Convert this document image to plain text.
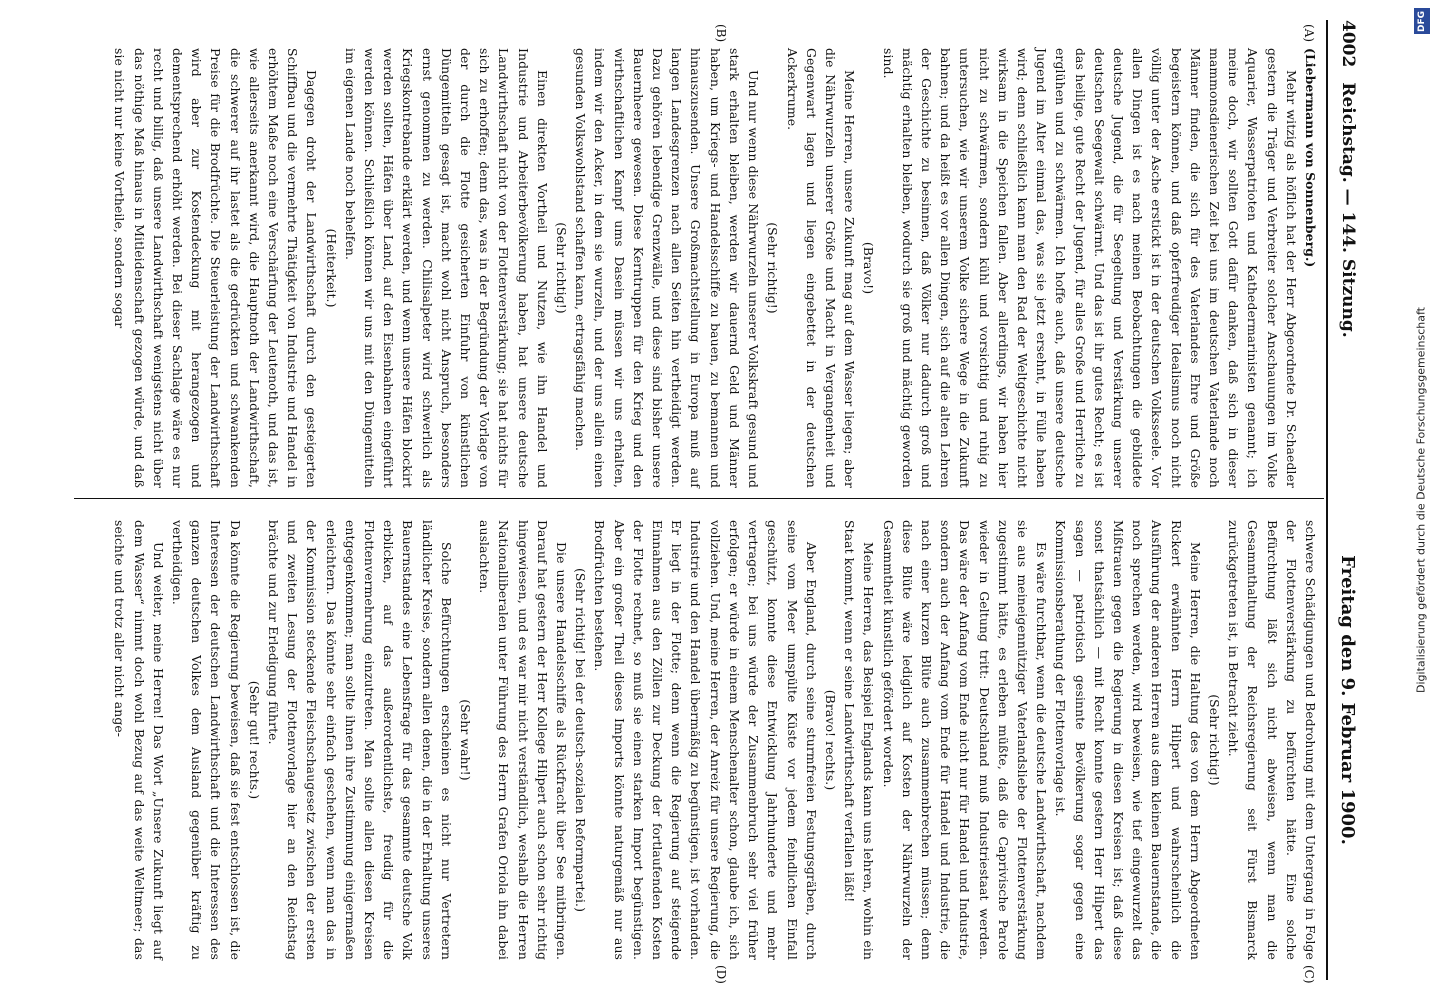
4002
Reichstag. — 144. Sitzung.
Freitag den 9. Februar 1900.
(A)
(B)
(C)
(D)

(Liebermann von Sonnenberg.)

Mehr witzig als höflich hat der Herr Abgeordnete Dr. Schaedler gestern die Träger und Verbreiter solcher Anschauungen im Volke Aquarier, Wasserpatrioten und Kathedermarinisten genannt; ich meine doch, wir sollten Gott dafür danken, daß sich in dieser mammonsdienerischen Zeit bei uns im deutschen Vaterlande noch Männer finden, die sich für des Vaterlandes Ehre und Größe begeistern können, und daß opferfreudiger Idealismus noch nicht völlig unter der Asche erstickt ist in der deutschen Volksseele. Vor allen Dingen ist es nach meinen Beobachtungen die gebildete deutsche Jugend, die für Seegeltung und Verstärkung unserer deutschen Seegewalt schwärmt. Und das ist ihr gutes Recht; es ist das heilige, gute Recht der Jugend, für alles Große und Herrliche zu erglühen und zu schwärmen. Ich hoffe auch, daß unsere deutsche Jugend im Alter einmal das, was sie jetzt ersehnt, in Fülle haben wird; denn schließlich kann man den Rad der Weltgeschichte nicht wirksam in die Speichen fallen. Aber allerdings, wir haben hier nicht zu schwärmen, sondern kühl und vorsichtig und ruhig zu untersuchen, wie wir unserem Volke sichere Wege in die Zukunft bahnen; und da heißt es vor allen Dingen, sich auf die alten Lehren der Geschichte zu besinnen, daß Völker nur dadurch groß und mächtig erhalten bleiben, wodurch sie groß und mächtig geworden sind.

(Bravo!)

Meine Herren, unsere Zukunft mag auf dem Wasser liegen; aber die Nährwurzeln unserer Größe und Macht in Vergangenheit und Gegenwart lagen und liegen eingebettet in der deutschen Ackerkrume.

(Sehr richtig!)

Und nur wenn diese Nährwurzeln unserer Volkskraft gesund und stark erhalten bleiben, werden wir dauernd Geld und Männer haben, um Kriegs- und Handelsschiffe zu bauen, zu bemannen und hinauszusenden. Unsere Großmachtstellung in Europa muß auf langen Landesgrenzen nach allen Seiten hin vertheidigt werden. Dazu gehören lebendige Grenzwälle, und diese sind bisher unsere Bauernheere gewesen. Diese Kerntruppen für den Krieg und den wirthschaftlichen Kampf ums Dasein müssen wir uns erhalten, indem wir den Acker, in dem sie wurzeln, und der uns allein einen gesunden Volkswohlstand schaffen kann, ertragsfähig machen.

(Sehr richtig!)

Einen direkten Vortheil und Nutzen, wie ihn Handel und Industrie und Arbeiterbevölkerung haben, hat unsere deutsche Landwirthschaft nicht von der Flottenverstärkung; sie hat nichts für sich zu erhoffen; denn das, was in der Begründung der Vorlage von der durch die Flotte gesicherten Einfuhr von künstlichen Düngemitteln gesagt ist, macht wohl nicht Anspruch, besonders ernst genommen zu werden. Chilisalpeter wird schwerlich als Kriegskontrebande erklärt werden, und wenn unsere Häfen blockirt werden sollten, Häfen über Land, auf den Eisenbahnen eingeführt werden können. Schließlich können wir uns mit den Düngemitteln im eigenen Lande noch behelfen.

(Heiterkeit.)

Dagegen droht der Landwirthschaft durch den gesteigerten Schiffbau und die vermehrte Thätigkeit von Industrie und Handel in erhöhtem Maße noch eine Verschärfung der Leutenoth, und das ist, wie allerseits anerkannt wird, die Hauptnoth der Landwirthschaft, die schwerer auf ihr lastet als die gedrückten und schwankenden Preise für die Brodfrüchte. Die Steuerleistung der Landwirthschaft wird aber zur Kostendeckung mit herangezogen und dementsprechend erhöht werden. Bei dieser Sachlage wäre es nur recht und billig, daß unsere Landwirthschaft wenigstens nicht über das nöthige Maß hinaus in Mitleidenschaft gezogen würde, und daß sie nicht nur keine Vortheile, sondern sogar

schwere Schädigungen und Bedrohung mit dem Untergang in Folge der Flottenverstärkung zu befürchten hätte. Eine solche Befürchtung läßt sich nicht abweisen, wenn man die Gesammthaltung der Reichsregierung seit Fürst Bismarck zurückgetreten ist, in Betracht zieht.

(Sehr richtig!)

Meine Herren, die Haltung des von dem Herrn Abgeordneten Rickert erwähnten Herrn Hilpert und wahrscheinlich die Ausführung der anderen Herren aus dem kleinen Bauernstande, die noch sprechen werden, wird beweisen, wie tief eingewurzelt das Mißtrauen gegen die Regierung in diesen Kreisen ist; daß diese sonst thatsächlich — mit Recht konnte gestern Herr Hilpert das sagen — patriotisch gesinnte Bevölkerung sogar gegen eine Kommissionsberathung der Flottenvorlage ist.

Es wäre furchtbar, wenn die deutsche Landwirthschaft, nachdem sie aus meineigennütziger Vaterlandsliebe der Flottenverstärkung zugestimmt hätte, es erleben müßte, daß die Caprivische Parole wieder in Geltung tritt: Deutschland muß Industriestaat werden. Das wäre der Anfang vom Ende nicht nur für Handel und Industrie, sondern auch der Anfang vom Ende für Handel und Industrie, die nach einer kurzen Blüte auch zusammenbrechen müssen; denn diese Blüte wäre lediglich auf Kosten der Nährwurzeln der Gesammtheit künstlich gefördert worden.

Meine Herren, das Beispiel Englands kann uns lehren, wohin ein Staat kommt, wenn er seine Landwirthschaft verfallen läßt!

(Bravo! rechts.)

Aber England, durch seine sturmfreien Festungsgräben, durch seine vom Meer umspülte Küste vor jedem feindlichen Einfall geschützt, konnte diese Entwicklung Jahrhunderte und mehr vertragen; bei uns würde der Zusammenbruch sehr viel früher erfolgen; er würde in einem Menschenalter schon, glaube ich, sich vollziehen. Und, meine Herren, der Anreiz für unsere Regierung, die Industrie und den Handel übermäßig zu begünstigen, ist vorhanden. Er liegt in der Flotte; denn wenn die Regierung auf steigende Einnahmen aus den Zöllen zur Deckung der fortlaufenden Kosten der Flotte rechnet, so muß sie einen starken Import begünstigen. Aber ein großer Theil dieses Imports könnte naturgemäß nur aus Brodfrüchten bestehen.

(Sehr richtig! bei der deutsch-sozialen Reformpartei.)

Die unsere Handelsschiffe als Rückfracht über See mitbringen. Darauf hat gestern der Herr Kollege Hilpert auch schon sehr richtig hingewiesen, und es war mir nicht verständlich, weshalb die Herren Nationalliberalen unter Führung des Herrn Grafen Oriola ihn dabei auslachten.

(Sehr wahr!)

Solche Befürchtungen erscheinen es nicht nur Vertretern ländlicher Kreise, sondern allen denen, die in der Erhaltung unseres Bauernstandes eine Lebensfrage für das gesammte deutsche Volk erblicken, auf das außerordentlichste, freudig für die Flottenvermehrung einzutreten. Man sollte allen diesen Kreisen entgegenkommen; man sollte ihnen ihre Zustimmung einigermaßen erleichtern. Das könnte sehr einfach geschehen, wenn man das in der Kommission steckende Fleischschaugesetz zwischen der ersten und zweiten Lesung der Flottenvorlage hier an den Reichstag brächte und zur Erledigung führte.

(Sehr gut! rechts.)

Da könnte die Regierung beweisen, daß sie fest entschlossen ist, die Interessen der deutschen Landwirthschaft und die Interessen des ganzen deutschen Volkes dem Ausland gegenüber kräftig zu vertheidigen.

Und weiter, meine Herren! Das Wort „Unsere Zukunft liegt auf dem Wasser“ nimmt doch wohl Bezug auf das weite Weltmeer; das seichte und trotz aller nicht ange-	Digitalisierung gefördert durch die Deutsche Forschungsgemeinschaft
DFG
